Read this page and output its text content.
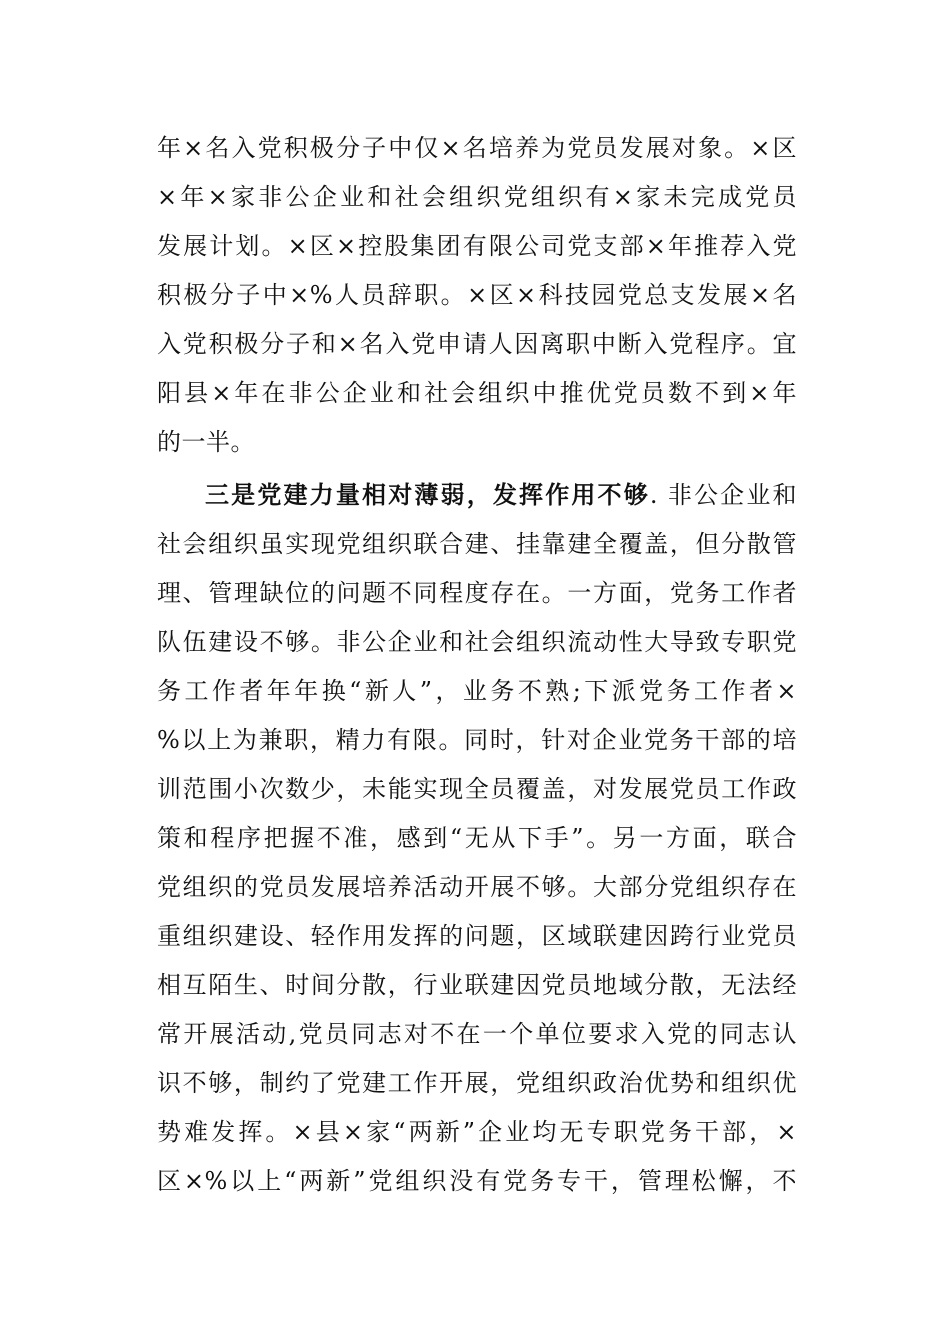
年×名入党积极分子中仅×名培养为党员发展对象。×区
×年×家非公企业和社会组织党组织有×家未完成党员
发展计划。×区×控股集团有限公司党支部×年推荐入党
积极分子中×%人员辞职。×区×科技园党总支发展×名
入党积极分子和×名入党申请人因离职中断入党程序。宜
阳县×年在非公企业和社会组织中推优党员数不到×年
的一半。
三是党建力量相对薄弱，发挥作用不够. 非公企业和
社会组织虽实现党组织联合建、挂靠建全覆盖，但分散管
理、管理缺位的问题不同程度存在。一方面，党务工作者
队伍建设不够。非公企业和社会组织流动性大导致专职党
务工作者年年换“新人”，业务不熟;下派党务工作者×
%以上为兼职，精力有限。同时，针对企业党务干部的培
训范围小次数少，未能实现全员覆盖，对发展党员工作政
策和程序把握不准，感到“无从下手”。另一方面，联合
党组织的党员发展培养活动开展不够。大部分党组织存在
重组织建设、轻作用发挥的问题，区域联建因跨行业党员
相互陌生、时间分散，行业联建因党员地域分散，无法经
常开展活动,党员同志对不在一个单位要求入党的同志认
识不够，制约了党建工作开展，党组织政治优势和组织优
势难发挥。×县×家“两新”企业均无专职党务干部，×
区×%以上“两新”党组织没有党务专干，管理松懈，不
